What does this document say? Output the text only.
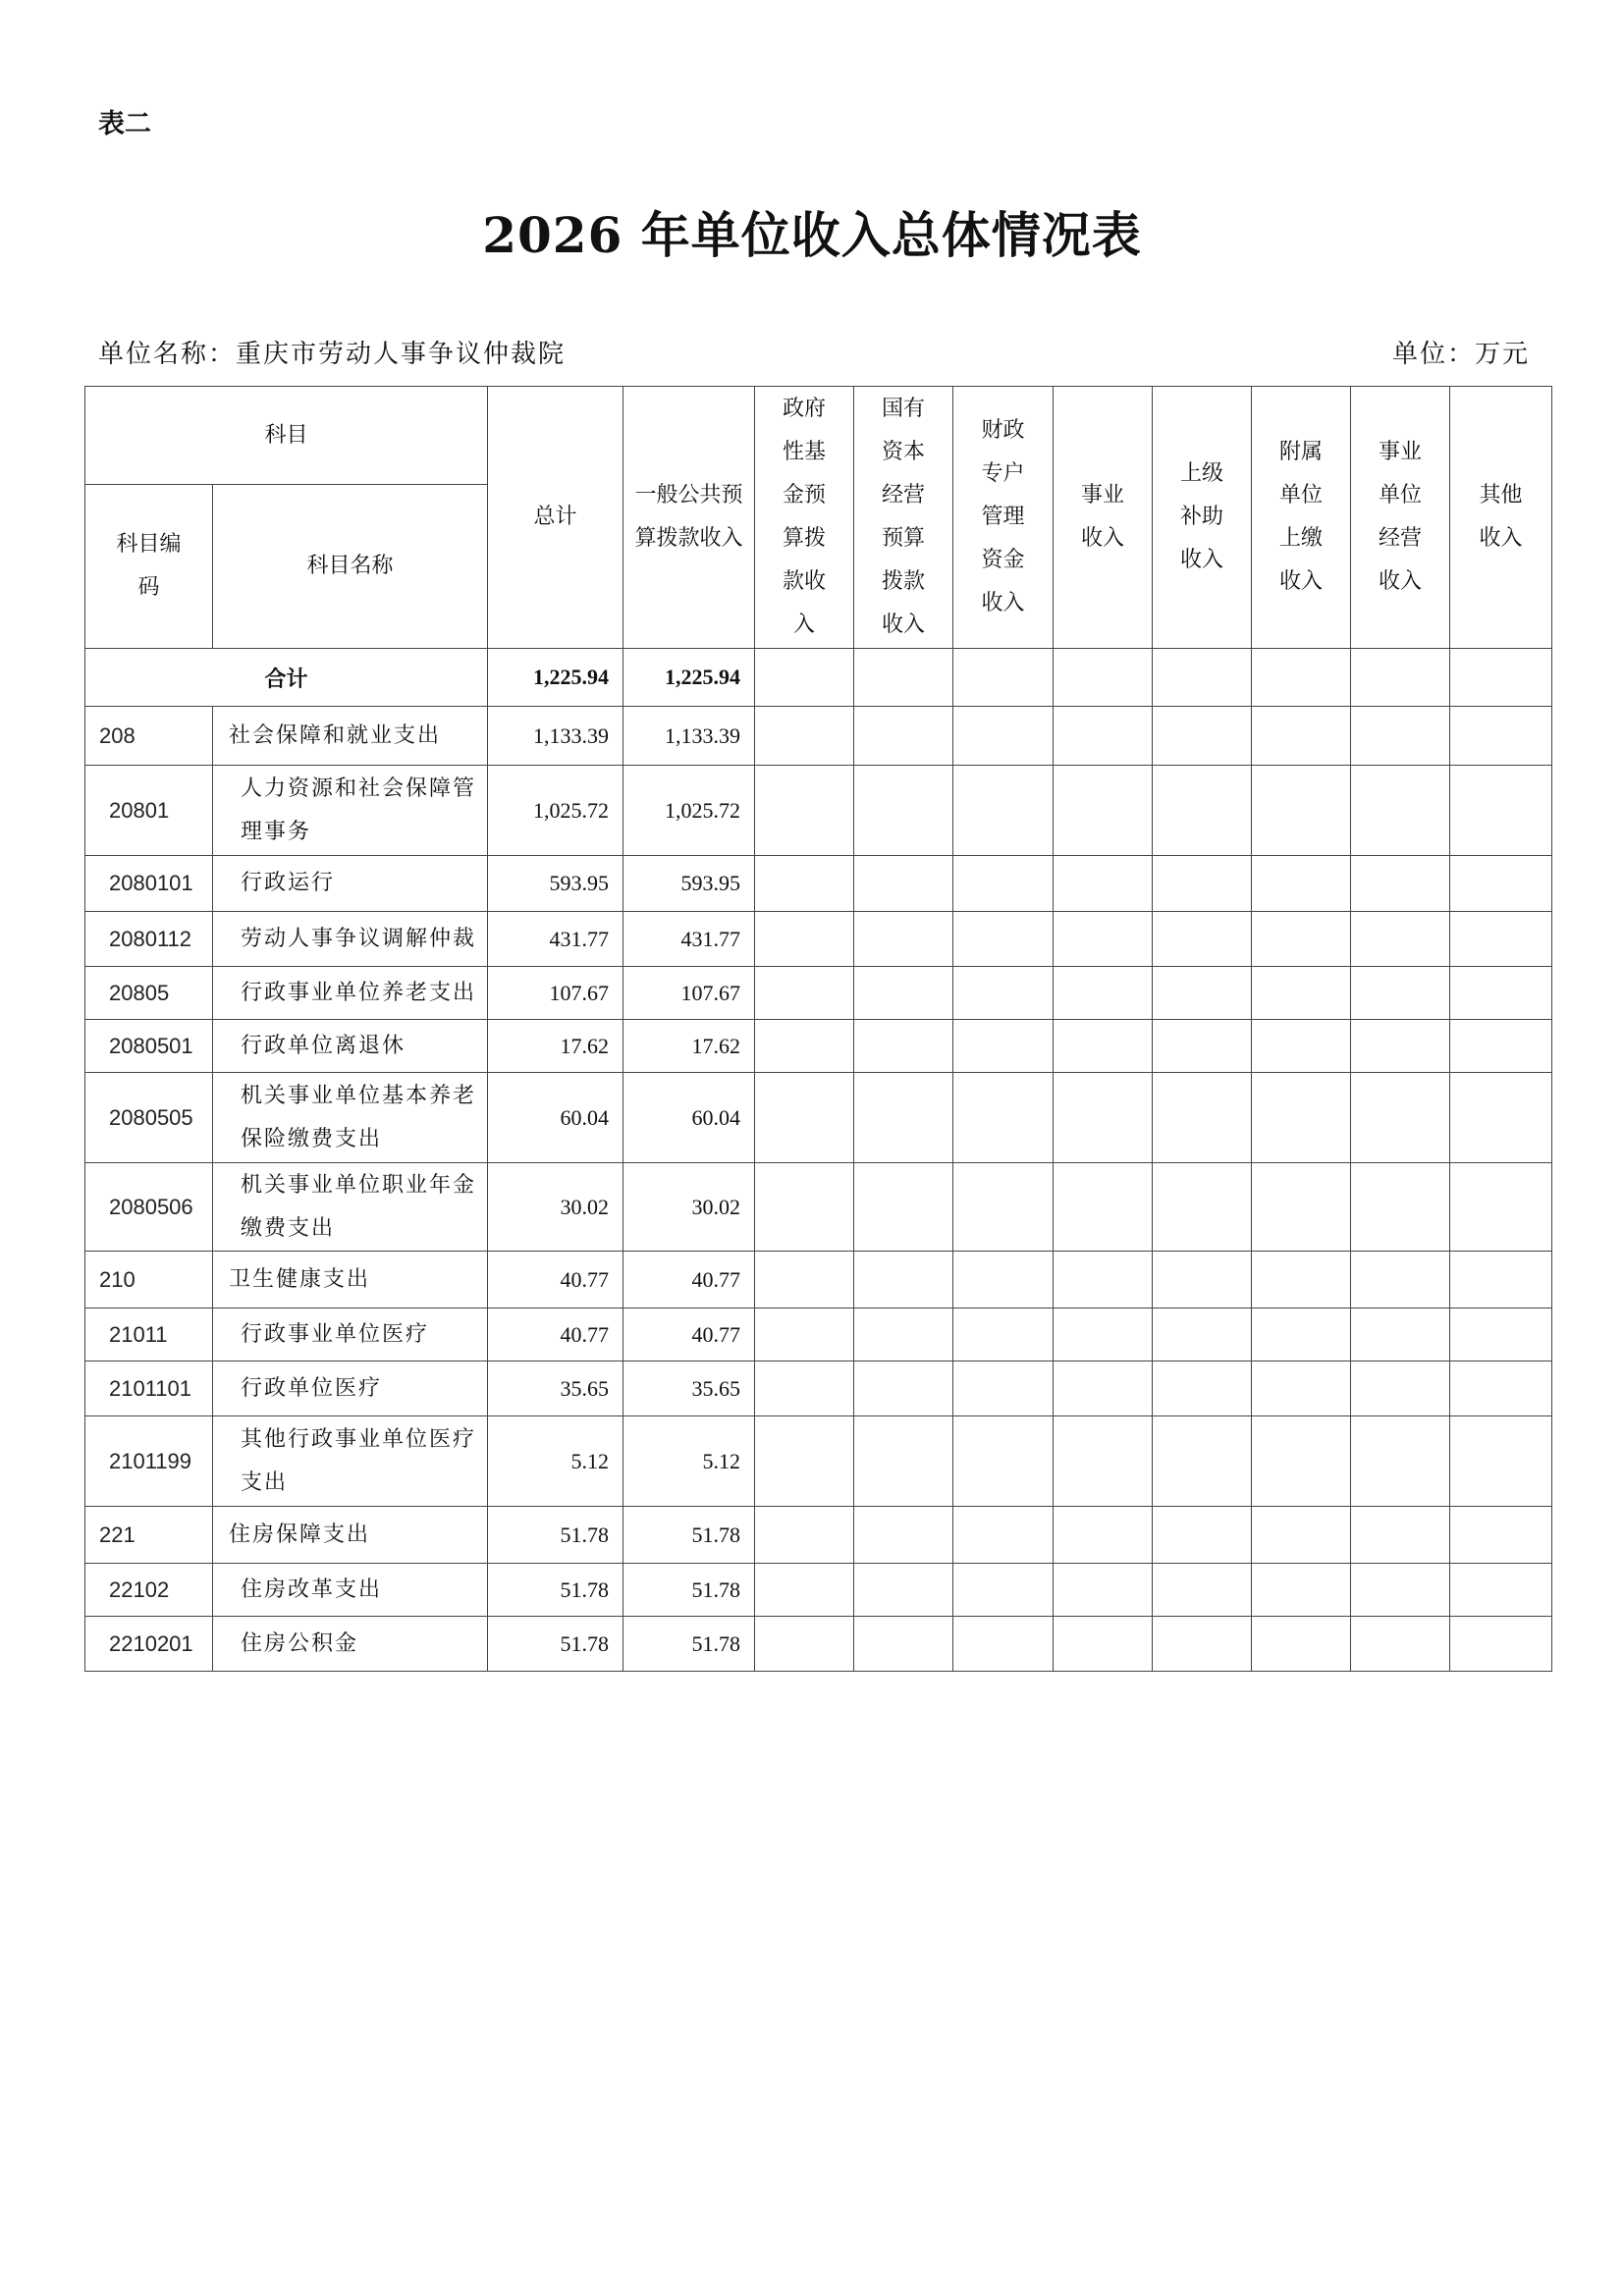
表二
2026 年单位收入总体情况表
单位名称：重庆市劳动人事争议仲裁院	单位：万元
科目		总计	一般公共预算拨款收入	政府性基金预算拨款收入	国有资本经营预算拨款收入	财政专户管理资金收入	事业收入	上级补助收入	附属单位上缴收入	事业单位经营收入	其他收入

科目编码	科目名称										
合计		1,225.94	1,225.94								
208	社会保障和就业支出	1,133.39	1,133.39								
20801	人力资源和社会保障管理事务	1,025.72	1,025.72								
2080101	行政运行	593.95	593.95								
2080112	劳动人事争议调解仲裁	431.77	431.77								
20805	行政事业单位养老支出	107.67	107.67								
2080501	行政单位离退休	17.62	17.62								
2080505	机关事业单位基本养老保险缴费支出	60.04	60.04								
2080506	机关事业单位职业年金缴费支出	30.02	30.02								
210	卫生健康支出	40.77	40.77								
21011	行政事业单位医疗	40.77	40.77								
2101101	行政单位医疗	35.65	35.65								
2101199	其他行政事业单位医疗支出	5.12	5.12								
221	住房保障支出	51.78	51.78								
22102	住房改革支出	51.78	51.78								
2210201	住房公积金	51.78	51.78								
